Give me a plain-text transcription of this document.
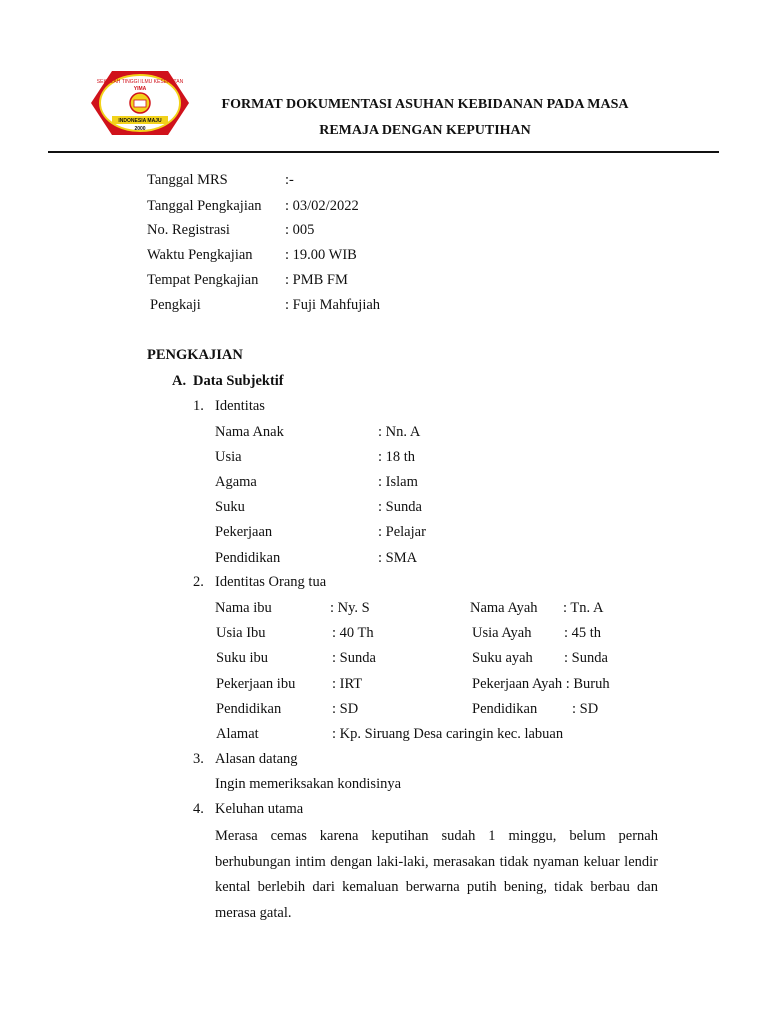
SEKOLAH TINGGI ILMU KESEHATAN
YIMA
INDONESIA MAJU
2000
FORMAT DOKUMENTASI ASUHAN KEBIDANAN PADA MASA
REMAJA DENGAN KEPUTIHAN
Tanggal MRS	:-
Tanggal Pengkajian : 03/02/2022
No. Registrasi	: 005
Waktu Pengkajian : 19.00 WIB
Tempat Pengkajian : PMB FM
Pengkaji	: Fuji Mahfujiah
PENGKAJIAN
A. Data Subjektif
1. Identitas
Nama Anak	: Nn. A
Usia	: 18 th
Agama	: Islam
Suku	: Sunda
Pekerjaan	: Pelajar
Pendidikan	: SMA
2. Identitas Orang tua
Nama ibu	: Ny. S	Nama Ayah : Tn. A
Usia Ibu	: 40 Th	Usia Ayah : 45 th
Suku ibu	: Sunda	Suku ayah : Sunda
Pekerjaan ibu	: IRT	Pekerjaan Ayah : Buruh
Pendidikan	: SD	Pendidikan : SD
Alamat	: Kp. Siruang Desa caringin kec. labuan
3. Alasan datang
Ingin memeriksakan kondisinya
4. Keluhan utama
Merasa cemas karena keputihan sudah 1 minggu, belum pernah berhubungan intim dengan laki-laki, merasakan tidak nyaman keluar lendir kental berlebih dari kemaluan berwarna putih bening, tidak berbau dan merasa gatal.
